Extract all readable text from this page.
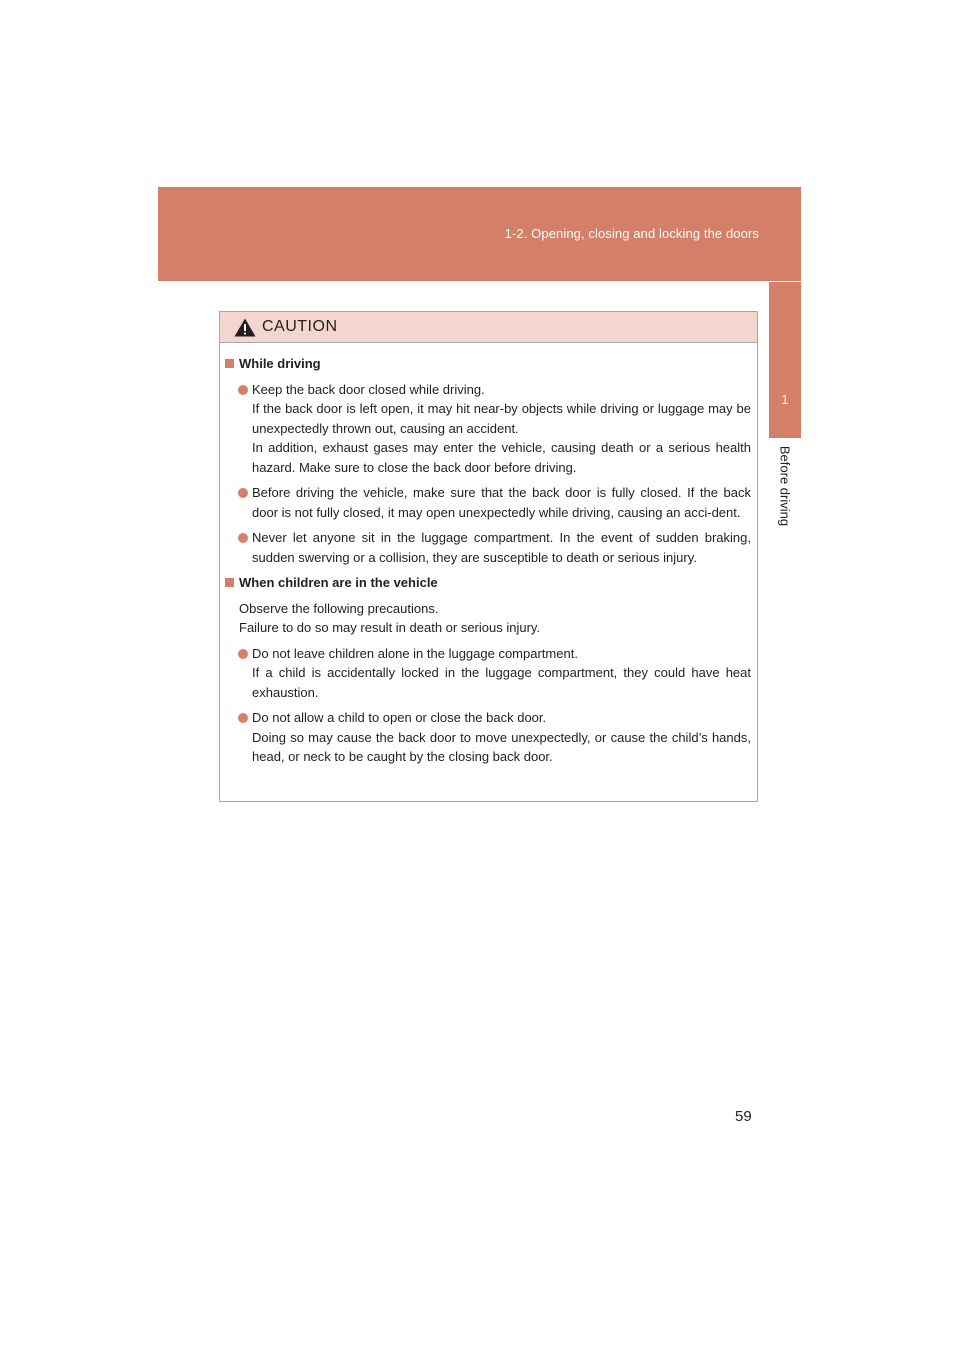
1-2. Opening, closing and locking the doors
1
Before driving
CAUTION
While driving
Keep the back door closed while driving.
If the back door is left open, it may hit near-by objects while driving or luggage may be unexpectedly thrown out, causing an accident.
In addition, exhaust gases may enter the vehicle, causing death or a serious health hazard. Make sure to close the back door before driving.
Before driving the vehicle, make sure that the back door is fully closed. If the back door is not fully closed, it may open unexpectedly while driving, causing an acci-dent.
Never let anyone sit in the luggage compartment. In the event of sudden braking, sudden swerving or a collision, they are susceptible to death or serious injury.
When children are in the vehicle
Observe the following precautions.
Failure to do so may result in death or serious injury.
Do not leave children alone in the luggage compartment.
If a child is accidentally locked in the luggage compartment, they could have heat exhaustion.
Do not allow a child to open or close the back door.
Doing so may cause the back door to move unexpectedly, or cause the child’s hands, head, or neck to be caught by the closing back door.
59
